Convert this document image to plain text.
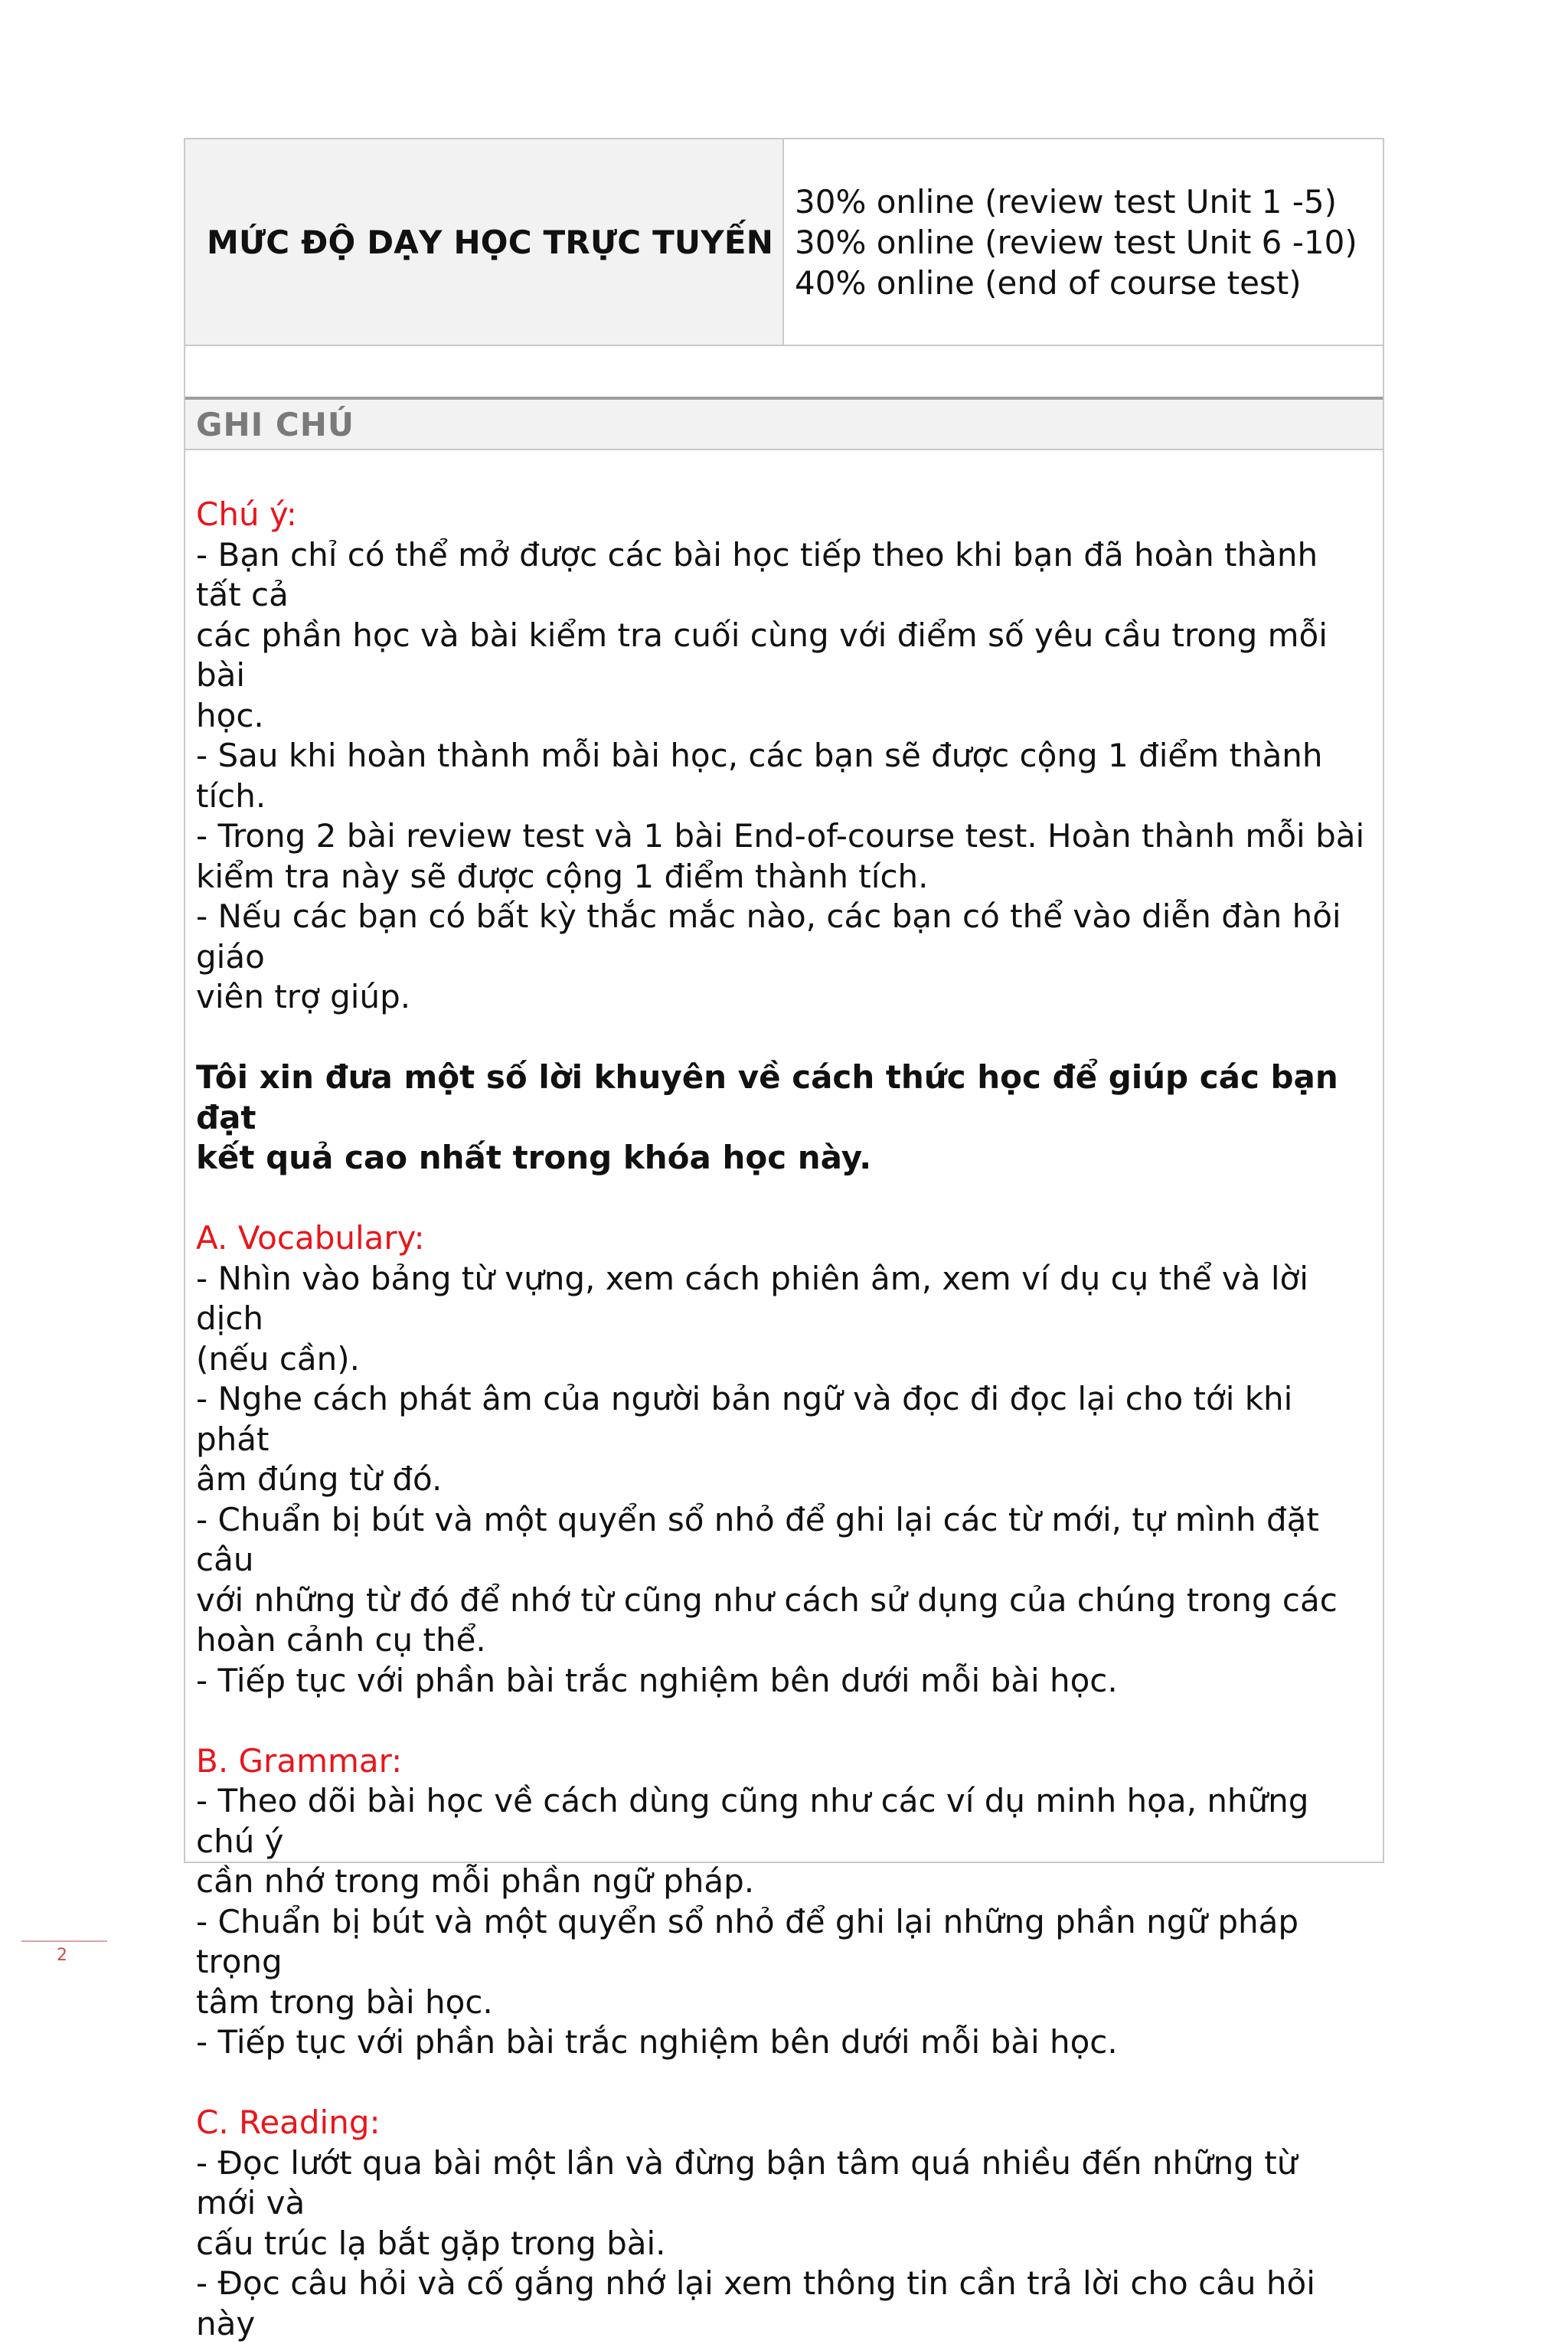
MỨC ĐỘ DẠY HỌC TRỰC TUYẾN
30% online (review test Unit 1 -5)
30% online (review test Unit 6 -10)
40% online (end of course test)
GHI CHÚ

Chú ý:

- Bạn chỉ có thể mở được các bài học tiếp theo khi bạn đã hoàn thành tất cả

các phần học và bài kiểm tra cuối cùng với điểm số yêu cầu trong mỗi bài

học.

- Sau khi hoàn thành mỗi bài học, các bạn sẽ được cộng 1 điểm thành tích.

- Trong 2 bài review test và 1 bài End-of-course test. Hoàn thành mỗi bài

kiểm tra này sẽ được cộng 1 điểm thành tích.

- Nếu các bạn có bất kỳ thắc mắc nào, các bạn có thể vào diễn đàn hỏi giáo

viên trợ giúp.

Tôi xin đưa một số lời khuyên về cách thức học để giúp các bạn đạt

kết quả cao nhất trong khóa học này.

A. Vocabulary:

- Nhìn vào bảng từ vựng, xem cách phiên âm, xem ví dụ cụ thể và lời dịch

(nếu cần).

- Nghe cách phát âm của người bản ngữ và đọc đi đọc lại cho tới khi phát

âm đúng từ đó.

- Chuẩn bị bút và một quyển sổ nhỏ để ghi lại các từ mới, tự mình đặt câu

với những từ đó để nhớ từ cũng như cách sử dụng của chúng trong các

hoàn cảnh cụ thể.

- Tiếp tục với phần bài trắc nghiệm bên dưới mỗi bài học.

B. Grammar:

- Theo dõi bài học về cách dùng cũng như các ví dụ minh họa, những chú ý

cần nhớ trong mỗi phần ngữ pháp.

- Chuẩn bị bút và một quyển sổ nhỏ để ghi lại những phần ngữ pháp trọng

tâm trong bài học.

- Tiếp tục với phần bài trắc nghiệm bên dưới mỗi bài học.

C. Reading:

- Đọc lướt qua bài một lần và đừng bận tâm quá nhiều đến những từ mới và

cấu trúc lạ bắt gặp trong bài.

- Đọc câu hỏi và cố gắng nhớ lại xem thông tin cần trả lời cho câu hỏi này

2
